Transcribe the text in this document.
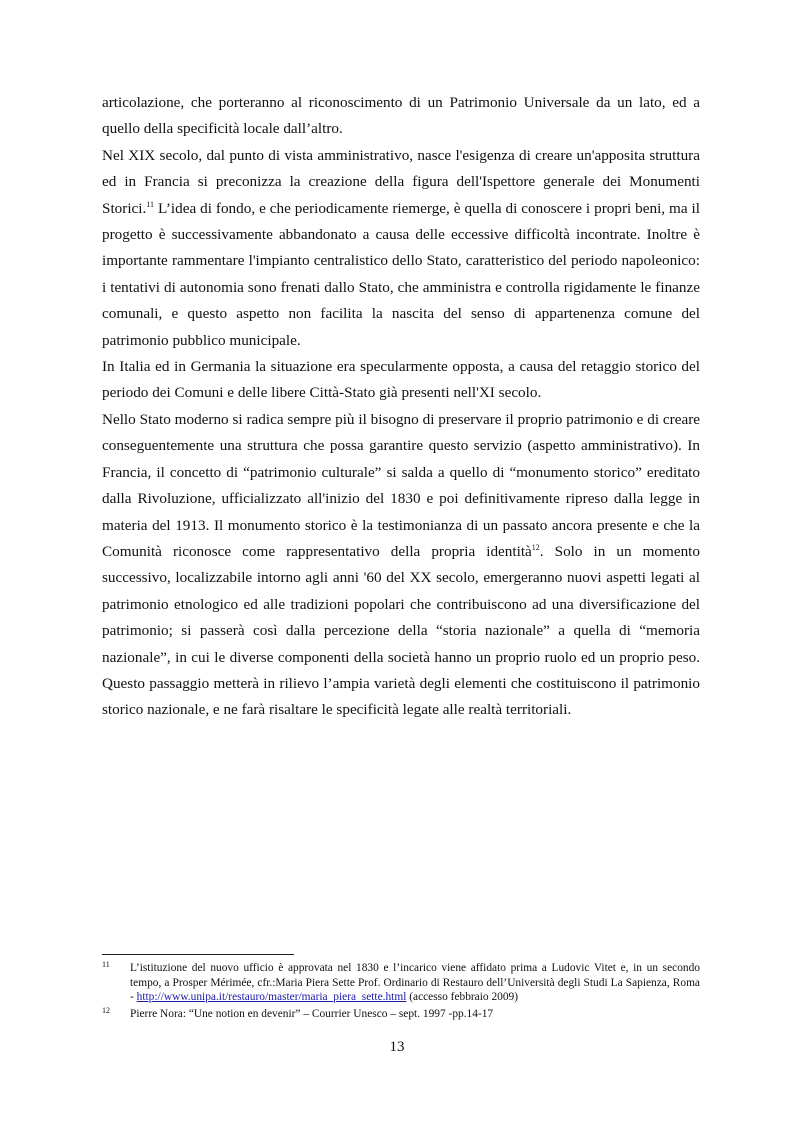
articolazione, che porteranno al riconoscimento di un Patrimonio Universale da un lato, ed a quello della specificità locale dall’altro.

Nel XIX secolo, dal punto di vista amministrativo, nasce l'esigenza di creare un'apposita struttura ed in Francia si preconizza la creazione della figura dell'Ispettore generale dei Monumenti Storici.$^{11}$ L’idea di fondo, e che periodicamente riemerge, è quella di conoscere i propri beni, ma il progetto è successivamente abbandonato a causa delle eccessive difficoltà incontrate. Inoltre è importante rammentare l'impianto centralistico dello Stato, caratteristico del periodo napoleonico: i tentativi di autonomia sono frenati dallo Stato, che amministra e controlla rigidamente le finanze comunali, e questo aspetto non facilita la nascita del senso di appartenenza comune del patrimonio pubblico municipale.

In Italia ed in Germania la situazione era specularmente opposta, a causa del retaggio storico del periodo dei Comuni e delle libere Città-Stato già presenti nell'XI secolo.

Nello Stato moderno si radica sempre più il bisogno di preservare il proprio patrimonio e di creare conseguentemente una struttura che possa garantire questo servizio (aspetto amministrativo). In Francia, il concetto di “patrimonio culturale” si salda a quello di “monumento storico” ereditato dalla Rivoluzione, ufficializzato all'inizio del 1830 e poi definitivamente ripreso dalla legge in materia del 1913. Il monumento storico è la testimonianza di un passato ancora presente e che la Comunità riconosce come rappresentativo della propria identità$^{12}$. Solo in un momento successivo, localizzabile intorno agli anni '60 del XX secolo, emergeranno nuovi aspetti legati al patrimonio etnologico ed alle tradizioni popolari che contribuiscono ad una diversificazione del patrimonio; si passerà così dalla percezione della “storia nazionale” a quella di “memoria nazionale”, in cui le diverse componenti della società hanno un proprio ruolo ed un proprio peso. Questo passaggio metterà in rilievo l’ampia varietà degli elementi che costituiscono il patrimonio storico nazionale, e ne farà risaltare le specificità legate alle realtà territoriali.

11 L’istituzione del nuovo ufficio è approvata nel 1830 e l’incarico viene affidato prima a Ludovic Vitet e, in un secondo tempo, a Prosper Mérimée, cfr.:Maria Piera Sette Prof. Ordinario di Restauro dell’Università degli Studi La Sapienza, Roma - http://www.unipa.it/restauro/master/maria_piera_sette.html (accesso febbraio 2009)
12 Pierre Nora: “Une notion en devenir” – Courrier Unesco – sept. 1997 -pp.14-17
13
